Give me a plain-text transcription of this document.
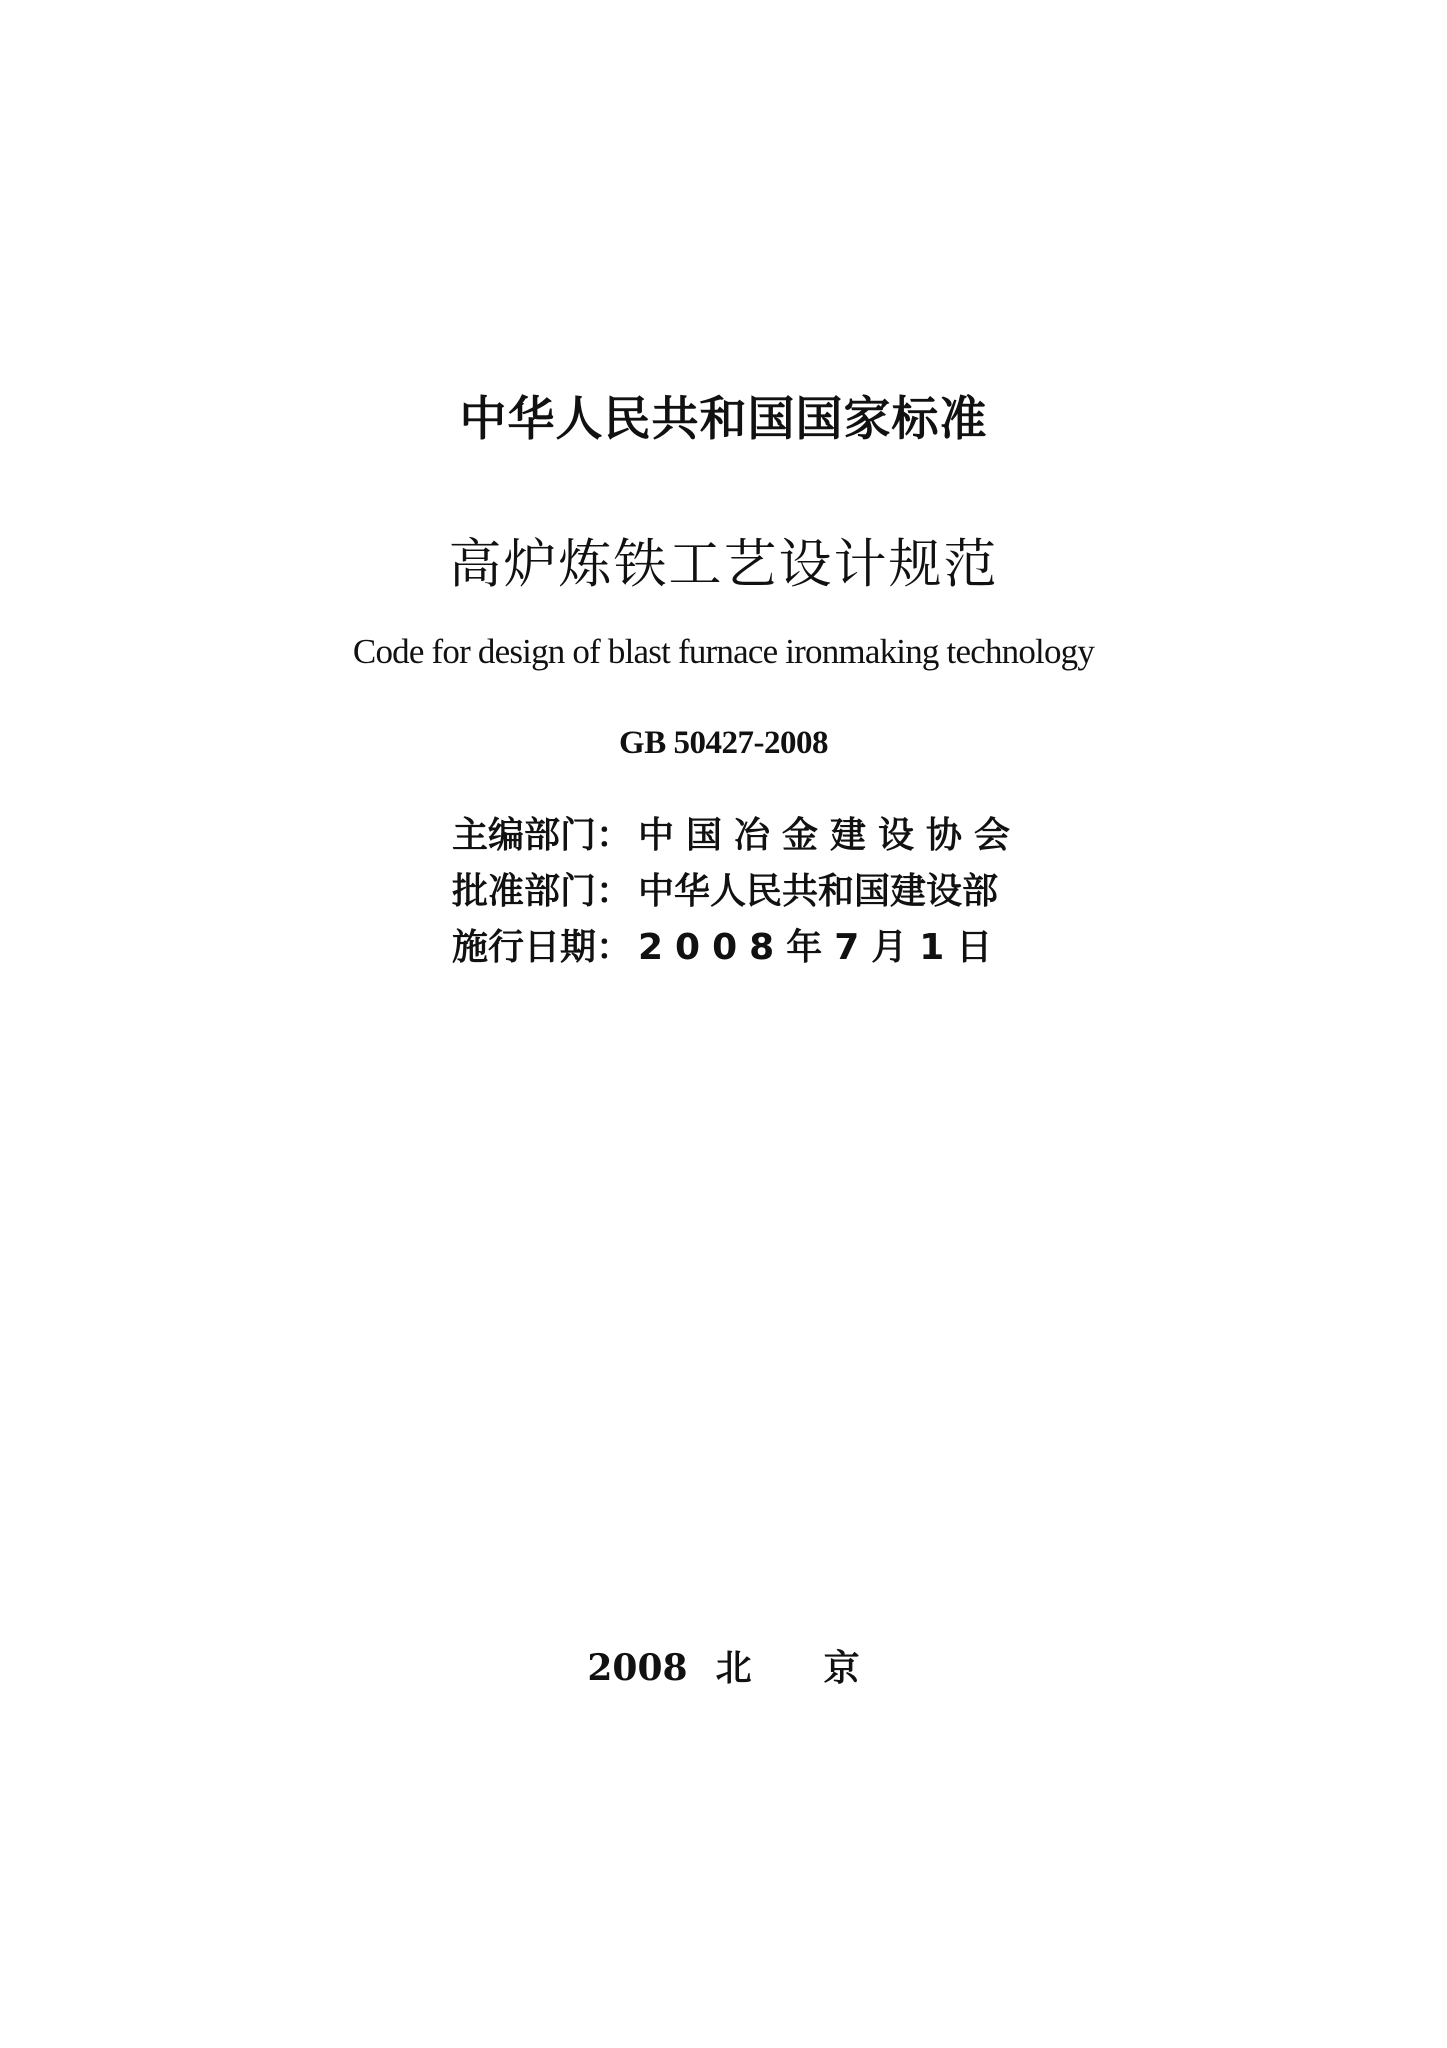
中华人民共和国国家标准
高炉炼铁工艺设计规范
Code for design of blast furnace ironmaking technology
GB 50427-2008
主编部门： 中国冶金建设协会
批准部门： 中华人民共和国建设部
施行日期： 2008年7月1日
2008 北 京
